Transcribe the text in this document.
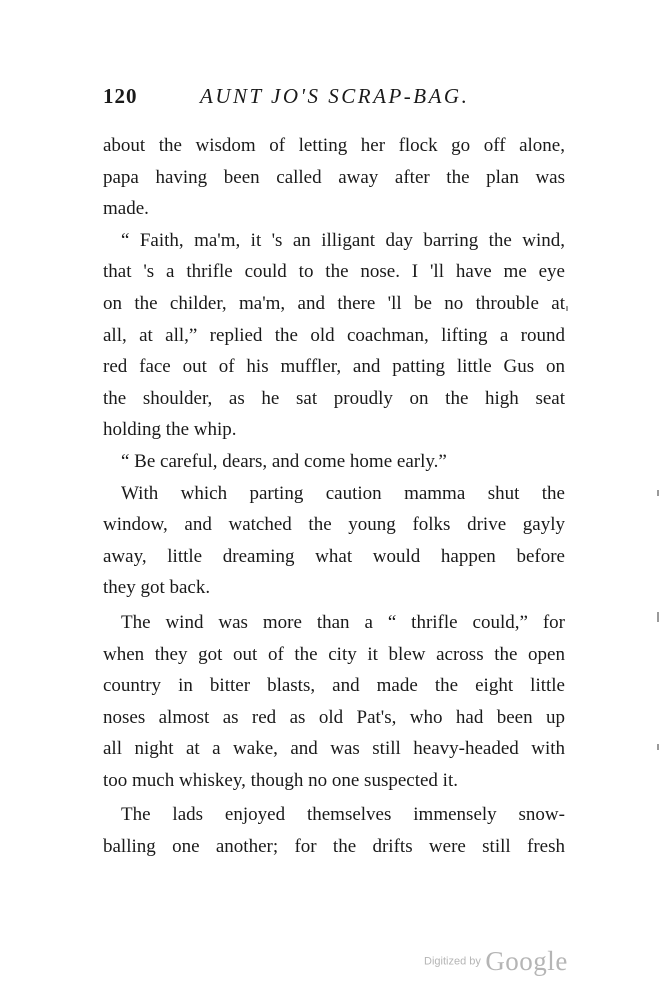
120	AUNT JO'S SCRAP-BAG.
about the wisdom of letting her flock go off alone,
papa having been called away after the plan was
made.
“ Faith, ma'm, it 's an illigant day barring the wind,
that 's a thrifle could to the nose. I 'll have me eye
on the childer, ma'm, and there 'll be no throuble at
all, at all,” replied the old coachman, lifting a round
red face out of his muffler, and patting little Gus on
the shoulder, as he sat proudly on the high seat
holding the whip.
“ Be careful, dears, and come home early.”
With which parting caution mamma shut the
window, and watched the young folks drive gayly
away, little dreaming what would happen before
they got back.
The wind was more than a “ thrifle could,” for
when they got out of the city it blew across the open
country in bitter blasts, and made the eight little
noses almost as red as old Pat's, who had been up
all night at a wake, and was still heavy-headed with
too much whiskey, though no one suspected it.
The lads enjoyed themselves immensely snow-
balling one another; for the drifts were still fresh
Digitized by Google
